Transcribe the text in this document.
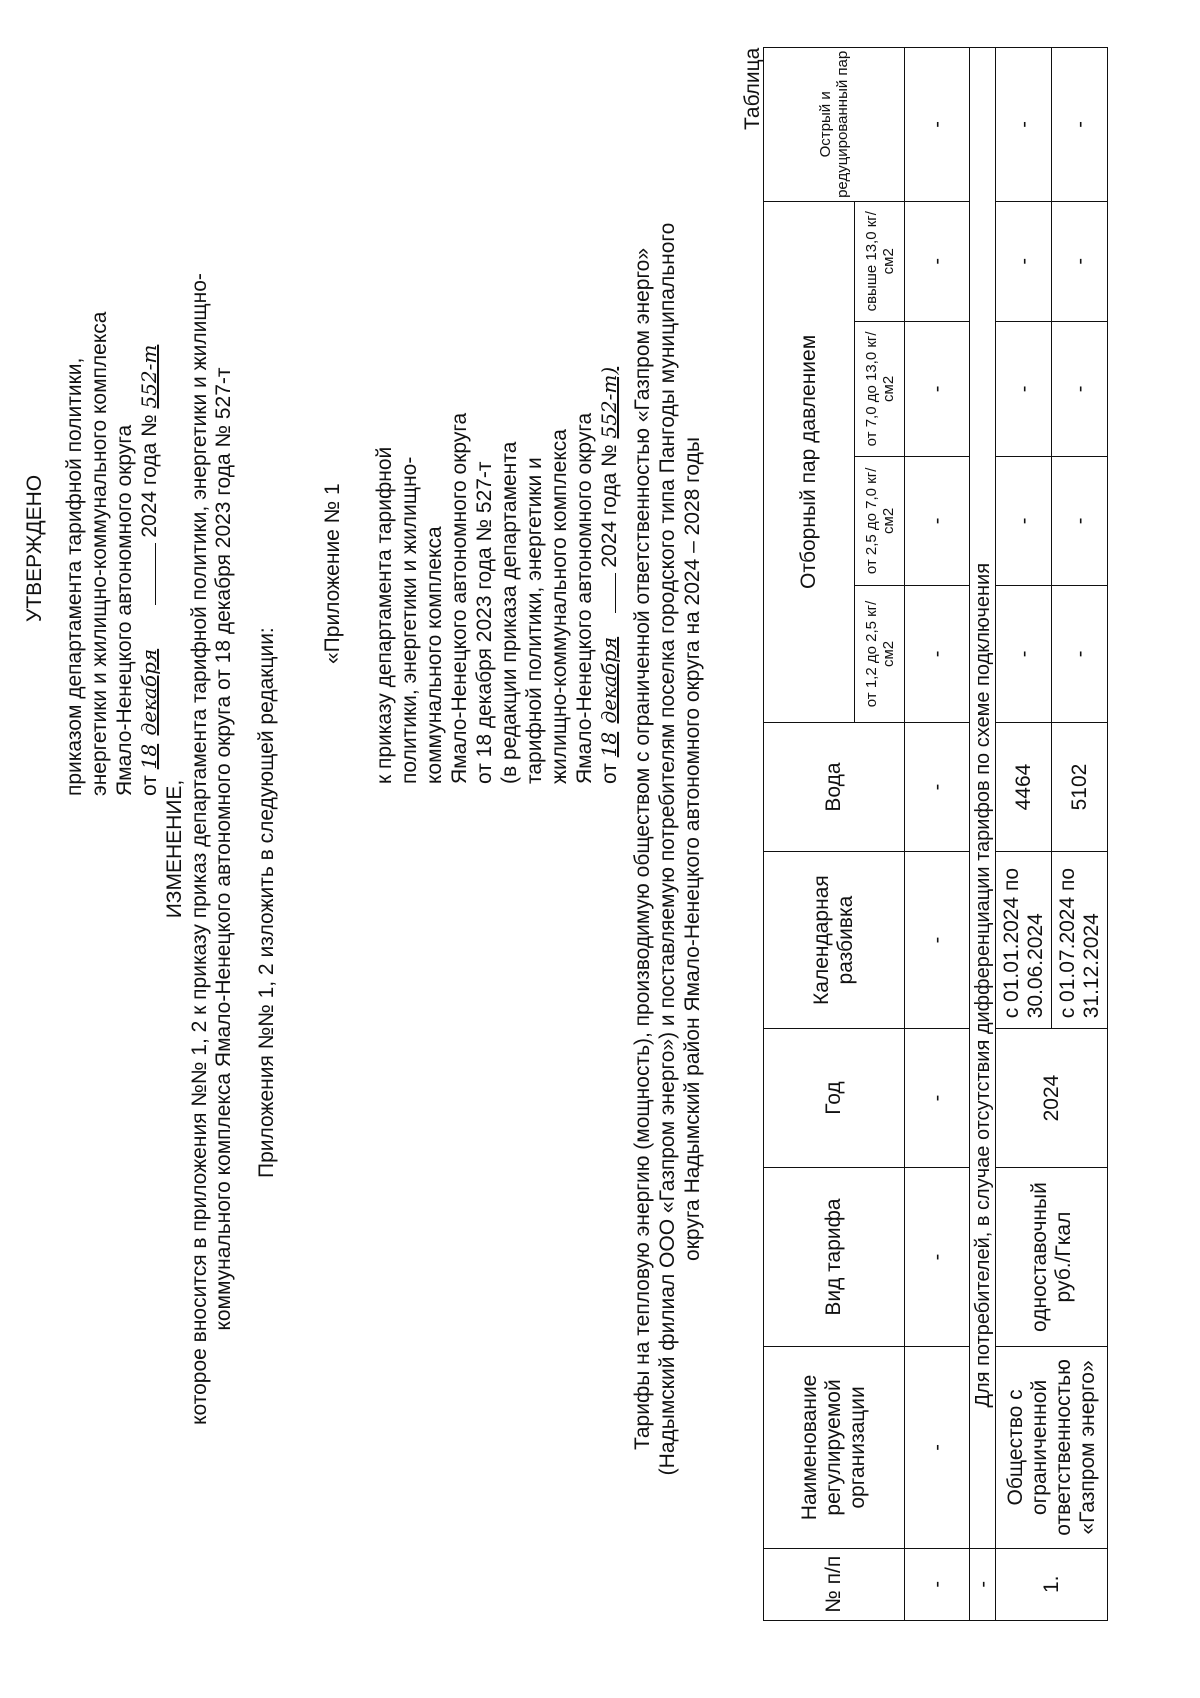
УТВЕРЖДЕНО приказом департамента тарифной политики, энергетики и жилищно-коммунального комплекса Ямало-Ненецкого автономного округа от 18 декабря 2024 года № 552-т

ИЗМЕНЕНИЕ, которое вносится в приложения №№ 1, 2 к приказу приказ департамента тарифной политики, энергетики и жилищно- коммунального комплекса Ямало-Ненецкого автономного округа от 18 декабря 2023 года № 527-т Приложения №№ 1, 2 изложить в следующей редакции:

«Приложение № 1 к приказу департамента тарифной политики, энергетики и жилищно- коммунального комплекса Ямало-Ненецкого автономного округа от 18 декабря 2023 года № 527-т (в редакции приказа департамента тарифной политики, энергетики и жилищно-коммунального комплекса Ямало-Ненецкого автономного округа от 18 декабря 2024 года № 552-т) Тарифы на тепловую энергию (мощность), производимую обществом с ограниченной ответственностью «Газпром энерго» (Надымский филиал ООО «Газпром энерго») и поставляемую потребителям поселка городского типа Пангоды муниципального округа Надымский район Ямало-Ненецкого автономного округа на 2024 – 2028 годы

Таблица

№ п/п	Наименование регулируемой организации	Вид тарифа	Год	Календарная разбивка	Вода	Отборный пар давлением				Острый и редуцированный пар
						от 1,2 до 2,5 кг/см2	от 2,5 до 7,0 кг/см2	от 7,0 до 13,0 кг/см2	свыше 13,0 кг/см2	
-	-	-	-	-	-	-	-	-	-	-
-	Для потребителей, в случае отсутствия дифференциации тарифов по схеме подключения									
1.	Общество с ограниченной ответственностью «Газпром энерго»	одноставочный руб./Гкал	2024	с 01.01.2024 по 30.06.2024	4464	-	-	-	-	-
				с 01.07.2024 по 31.12.2024	5102	-	-	-	-	-
